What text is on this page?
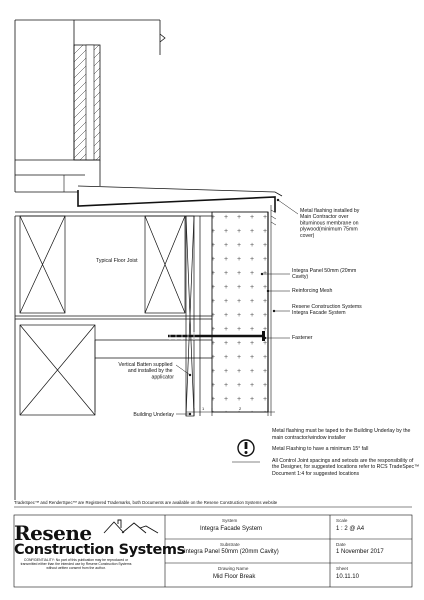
1	2
Metal flashing installed by Main Contractor over bituminous membrane on plywood(minimum 75mm cover)
Typical Floor Joist
Integra Panel 50mm (20mm Cavity)
Reinforcing Mesh
Resene Construction Systems Integra Facade System
Fastener
Vertical Batten supplied and installed by the applicator
Building Underlay

Metal flashing must be taped to the Building Underlay by the main contractor/window installer

Metal Flashing to have a minimum 15° fall

All Control Joint spacings and setouts are the responsibility of the Designer, for suggested locations refer to RCS TradeSpec™ Document 1:4 for suggested locations

TradeSpec™ and RenderSpec™ are Registered Trademarks, both Documents are available on the Resene Construction Systems website
Resene
Construction Systems
CONFIDENTIALITY: No part of this publication may be reproduced or transmitted either than the intended use by Resene Construction Systems without written consent from the author.
System
Integra Facade System
Scale
1 : 2 @ A4
Substrate
Integra Panel 50mm (20mm Cavity)
Date
1 November 2017
Drawing Name
Mid Floor Break
Sheet
10.11.10
